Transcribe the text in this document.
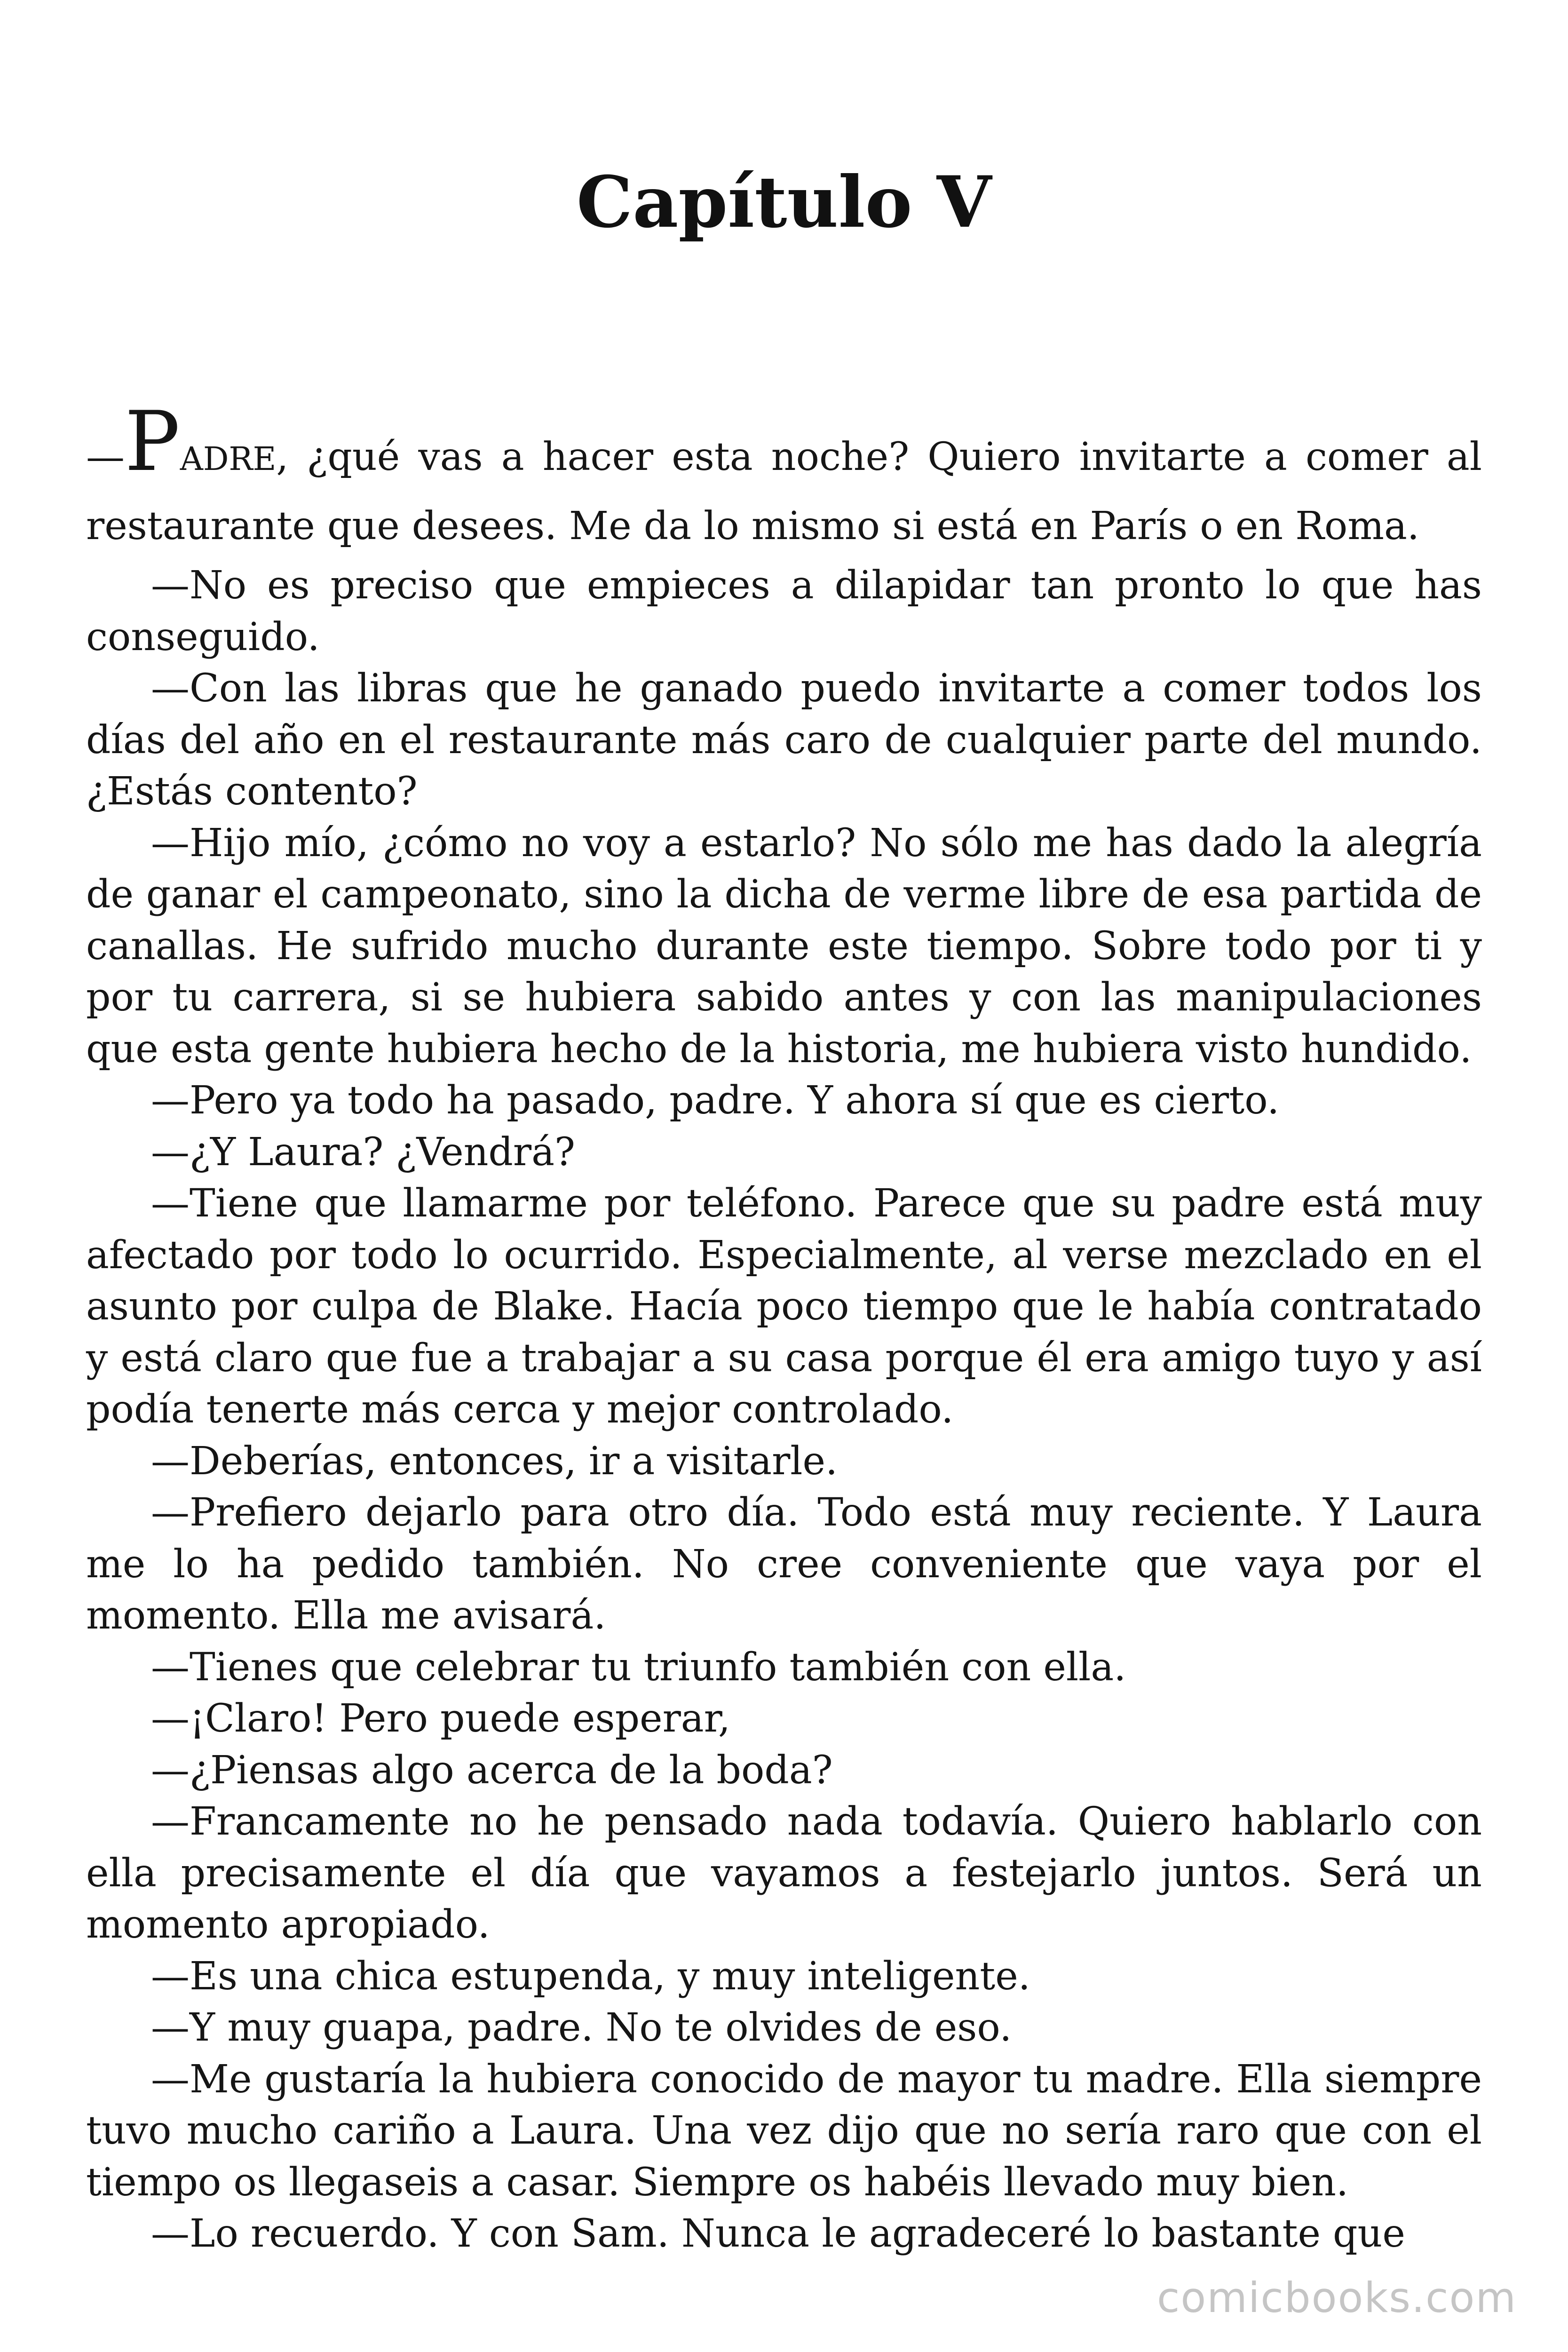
Capítulo V

—PADRE, ¿qué vas a hacer esta noche? Quiero invitarte a comer al restaurante que desees. Me da lo mismo si está en París o en Roma.

—No es preciso que empieces a dilapidar tan pronto lo que has conseguido.

—Con las libras que he ganado puedo invitarte a comer todos los días del año en el restaurante más caro de cualquier parte del mundo. ¿Estás contento?

—Hijo mío, ¿cómo no voy a estarlo? No sólo me has dado la alegría de ganar el campeonato, sino la dicha de verme libre de esa partida de canallas. He sufrido mucho durante este tiempo. Sobre todo por ti y por tu carrera, si se hubiera sabido antes y con las manipulaciones que esta gente hubiera hecho de la historia, me hubiera visto hundido.

—Pero ya todo ha pasado, padre. Y ahora sí que es cierto.

—¿Y Laura? ¿Vendrá?

—Tiene que llamarme por teléfono. Parece que su padre está muy afectado por todo lo ocurrido. Especialmente, al verse mezclado en el asunto por culpa de Blake. Hacía poco tiempo que le había contratado y está claro que fue a trabajar a su casa porque él era amigo tuyo y así podía tenerte más cerca y mejor controlado.

—Deberías, entonces, ir a visitarle.

—Prefiero dejarlo para otro día. Todo está muy reciente. Y Laura me lo ha pedido también. No cree conveniente que vaya por el momento. Ella me avisará.

—Tienes que celebrar tu triunfo también con ella.

—¡Claro! Pero puede esperar,

—¿Piensas algo acerca de la boda?

—Francamente no he pensado nada todavía. Quiero hablarlo con ella precisamente el día que vayamos a festejarlo juntos. Será un momento apropiado.

—Es una chica estupenda, y muy inteligente.

—Y muy guapa, padre. No te olvides de eso.

—Me gustaría la hubiera conocido de mayor tu madre. Ella siempre tuvo mucho cariño a Laura. Una vez dijo que no sería raro que con el tiempo os llegaseis a casar. Siempre os habéis llevado muy bien.

—Lo recuerdo. Y con Sam. Nunca le agradeceré lo bastante que

comicbooks.com
